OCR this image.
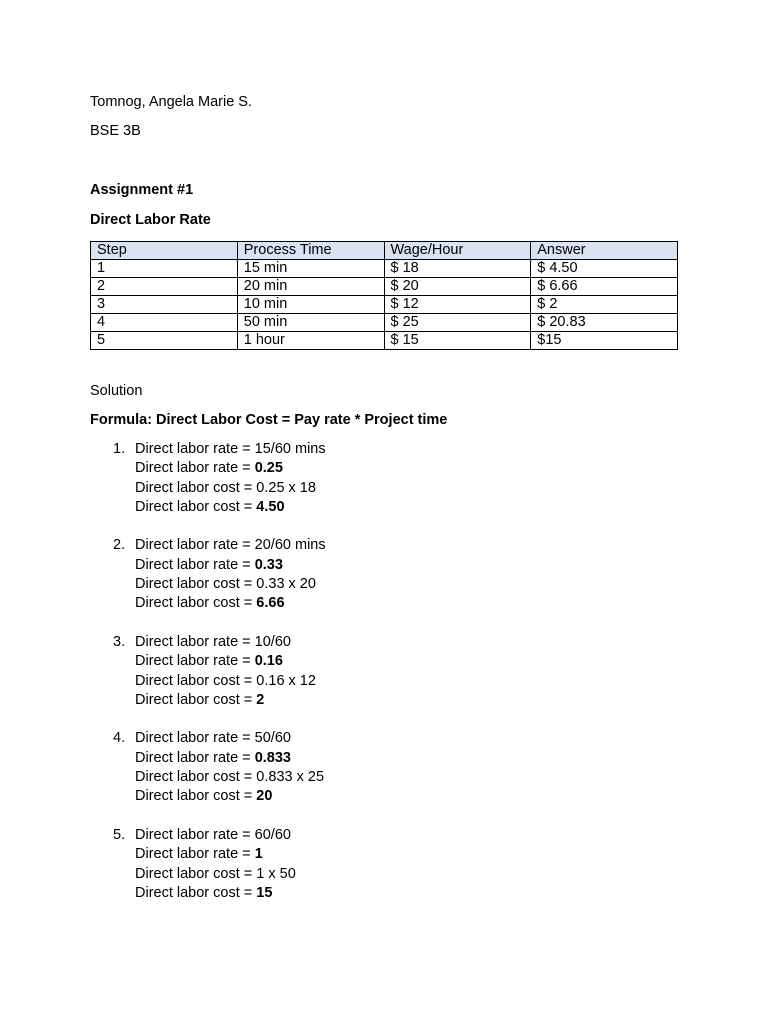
Tomnog, Angela Marie S.
BSE 3B
Assignment #1
Direct Labor Rate
Step	Process Time	Wage/Hour	Answer
1	15 min	$ 18	$ 4.50
2	20 min	$ 20	$ 6.66
3	10 min	$ 12	$ 2
4	50 min	$ 25	$ 20.83
5	1 hour	$ 15	$15
Solution
Formula: Direct Labor Cost = Pay rate * Project time
1. Direct labor rate = 15/60 mins
Direct labor rate = 0.25
Direct labor cost = 0.25 x 18
Direct labor cost = 4.50
2. Direct labor rate = 20/60 mins
Direct labor rate = 0.33
Direct labor cost = 0.33 x 20
Direct labor cost = 6.66
3. Direct labor rate = 10/60
Direct labor rate = 0.16
Direct labor cost = 0.16 x 12
Direct labor cost = 2
4. Direct labor rate = 50/60
Direct labor rate = 0.833
Direct labor cost = 0.833 x 25
Direct labor cost = 20
5. Direct labor rate = 60/60
Direct labor rate = 1
Direct labor cost = 1 x 50
Direct labor cost = 15
